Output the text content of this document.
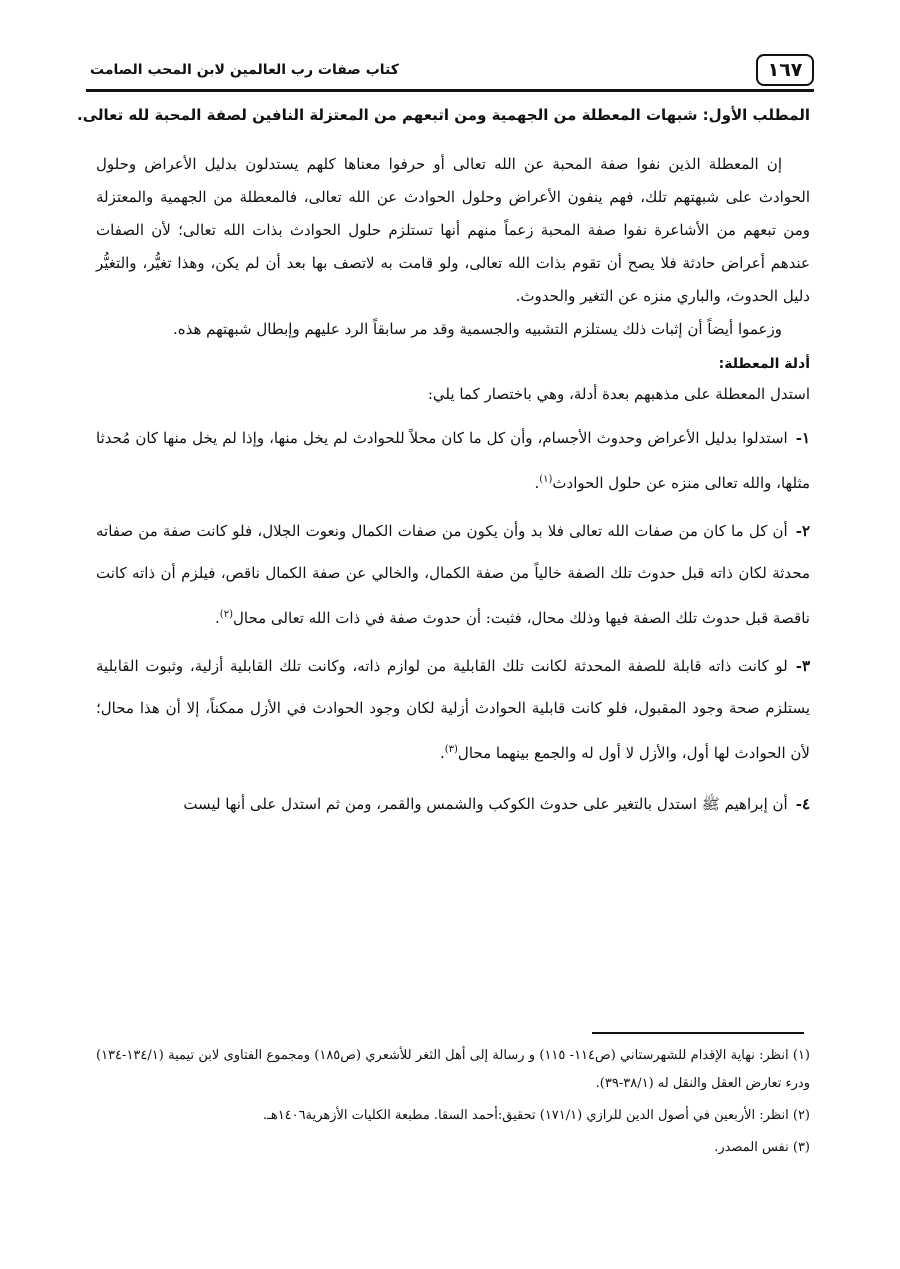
١٦٧
كتاب صفات رب العالمين لابن المحب الصامت

المطلب الأول: شبهات المعطلة من الجهمية ومن اتبعهم من المعتزلة النافين لصفة المحبة لله تعالى.

إن المعطلة الذين نفوا صفة المحبة عن الله تعالى أو حرفوا معناها كلهم يستدلون بدليل الأعراض وحلول الحوادث على شبهتهم تلك، فهم ينفون الأعراض وحلول الحوادث عن الله تعالى، فالمعطلة من الجهمية والمعتزلة ومن تبعهم من الأشاعرة نفوا صفة المحبة زعماً منهم أنها تستلزم حلول الحوادث بذات الله تعالى؛ لأن الصفات عندهم أعراض حادثة فلا يصح أن تقوم بذات الله تعالى، ولو قامت به لاتصف بها بعد أن لم يكن، وهذا تغيُّر، والتغيُّر دليل الحدوث، والباري منزه عن التغير والحدوث.

وزعموا أيضاً أن إثبات ذلك يستلزم التشبيه والجسمية وقد مر سابقاً الرد عليهم وإبطال شبهتهم هذه.

أدلة المعطلة:

استدل المعطلة على مذهبهم بعدة أدلة، وهي باختصار كما يلي:

١-استدلوا بدليل الأعراض وحدوث الأجسام، وأن كل ما كان محلاً للحوادث لم يخل منها، وإذا لم يخل منها كان مُحدثا مثلها، والله تعالى منزه عن حلول الحوادث$^{(١)}$.

٢-أن كل ما كان من صفات الله تعالى فلا بد وأن يكون من صفات الكمال ونعوت الجلال، فلو كانت صفة من صفاته محدثة لكان ذاته قبل حدوث تلك الصفة خالياً من صفة الكمال، والخالي عن صفة الكمال ناقص، فيلزم أن ذاته كانت ناقصة قبل حدوث تلك الصفة فيها وذلك محال، فثبت: أن حدوث صفة في ذات الله تعالى محال$^{(٢)}$.

٣-لو كانت ذاته قابلة للصفة المحدثة لكانت تلك القابلية من لوازم ذاته، وكانت تلك القابلية أزلية، وثبوت القابلية يستلزم صحة وجود المقبول، فلو كانت قابلية الحوادث أزلية لكان وجود الحوادث في الأزل ممكناً، إلا أن هذا محال؛ لأن الحوادث لها أول، والأزل لا أول له والجمع بينهما محال$^{(٣)}$.

٤-أن إبراهيم ﷺ استدل بالتغير على حدوث الكوكب والشمس والقمر، ومن ثم استدل على أنها ليست

(١) انظر: نهاية الإقدام للشهرستاني (ص١١٤- ١١٥) و رسالة إلى أهل الثغر للأشعري (ص١٨٥) ومجموع الفتاوى لابن تيمية (١٣٤/١-١٣٤) ودرء تعارض العقل والنقل له (٣٨/١-٣٩).

(٢) انظر: الأربعين في أصول الدين للرازي (١٧١/١) تحقيق:أحمد السقا. مطبعة الكليات الأزهرية١٤٠٦هـ.

(٣) نفس المصدر.
